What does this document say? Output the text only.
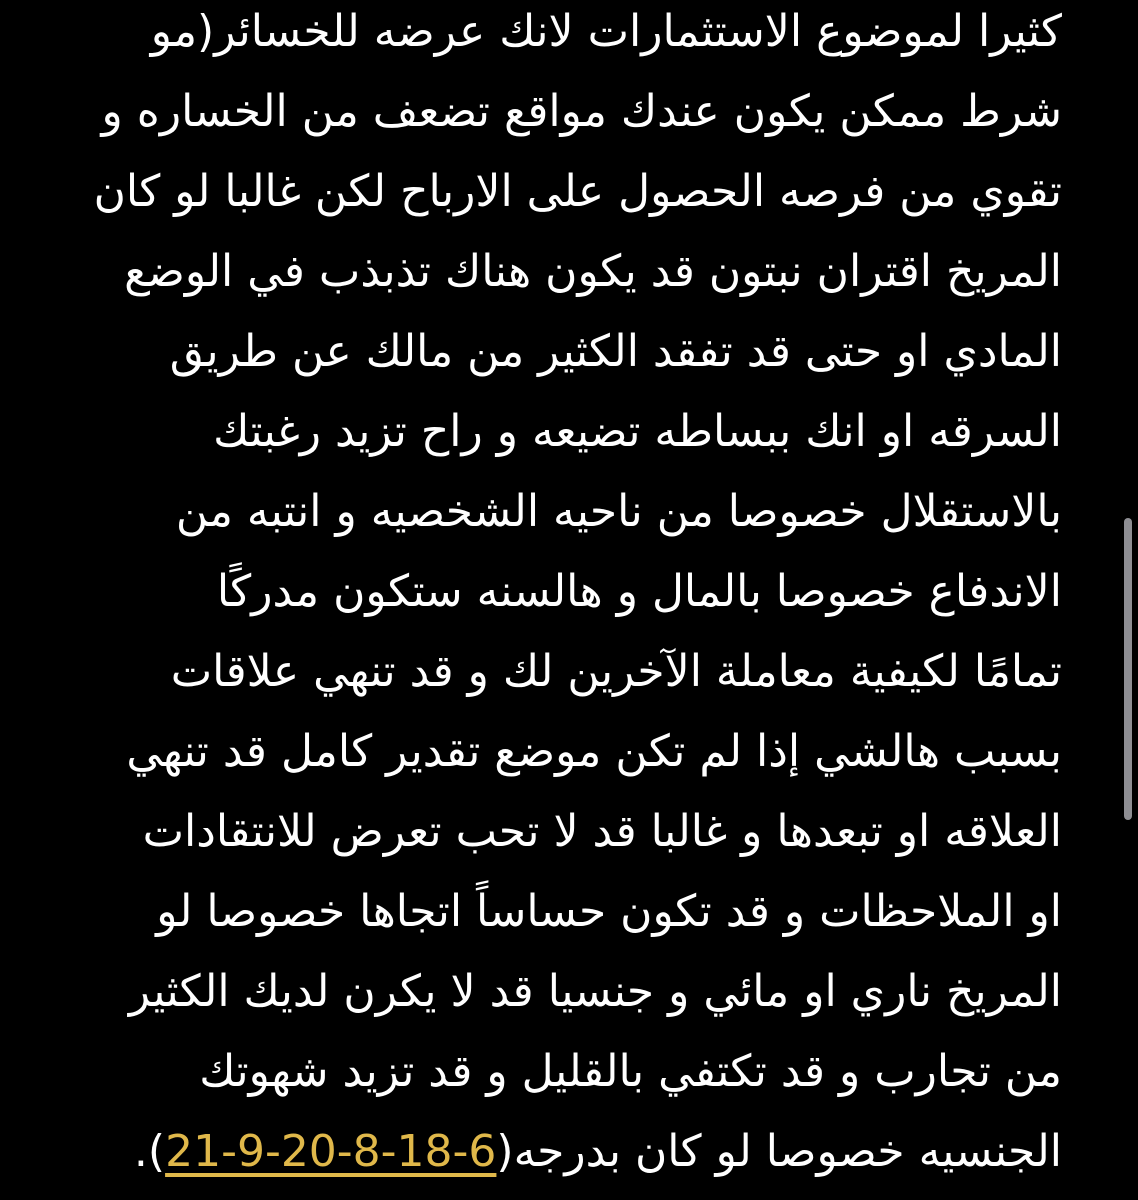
كثيرا لموضوع الاستثمارات لانك عرضه للخسائر(مو
شرط ممكن يكون عندك مواقع تضعف من الخساره و
تقوي من فرصه الحصول على الارباح لكن غالبا لو كان
المريخ اقتران نبتون قد يكون هناك تذبذب في الوضع
المادي او حتى قد تفقد الكثير من مالك عن طريق
السرقه او انك ببساطه تضيعه و راح تزيد رغبتك
بالاستقلال خصوصا من ناحيه الشخصيه و انتبه من
الاندفاع خصوصا بالمال و هالسنه ستكون مدركًا
تمامًا لكيفية معاملة الآخرين لك و قد تنهي علاقات
بسبب هالشي إذا لم تكن موضع تقدير كامل قد تنهي
العلاقه او تبعدها و غالبا قد لا تحب تعرض للانتقادات
او الملاحظات و قد تكون حساساً اتجاها خصوصا لو
المريخ ناري او مائي و جنسيا قد لا يكرن لديك الكثير
من تجارب و قد تكتفي بالقليل و قد تزيد شهوتك
الجنسيه خصوصا لو كان بدرجه(21-9-20-8-18-6).
